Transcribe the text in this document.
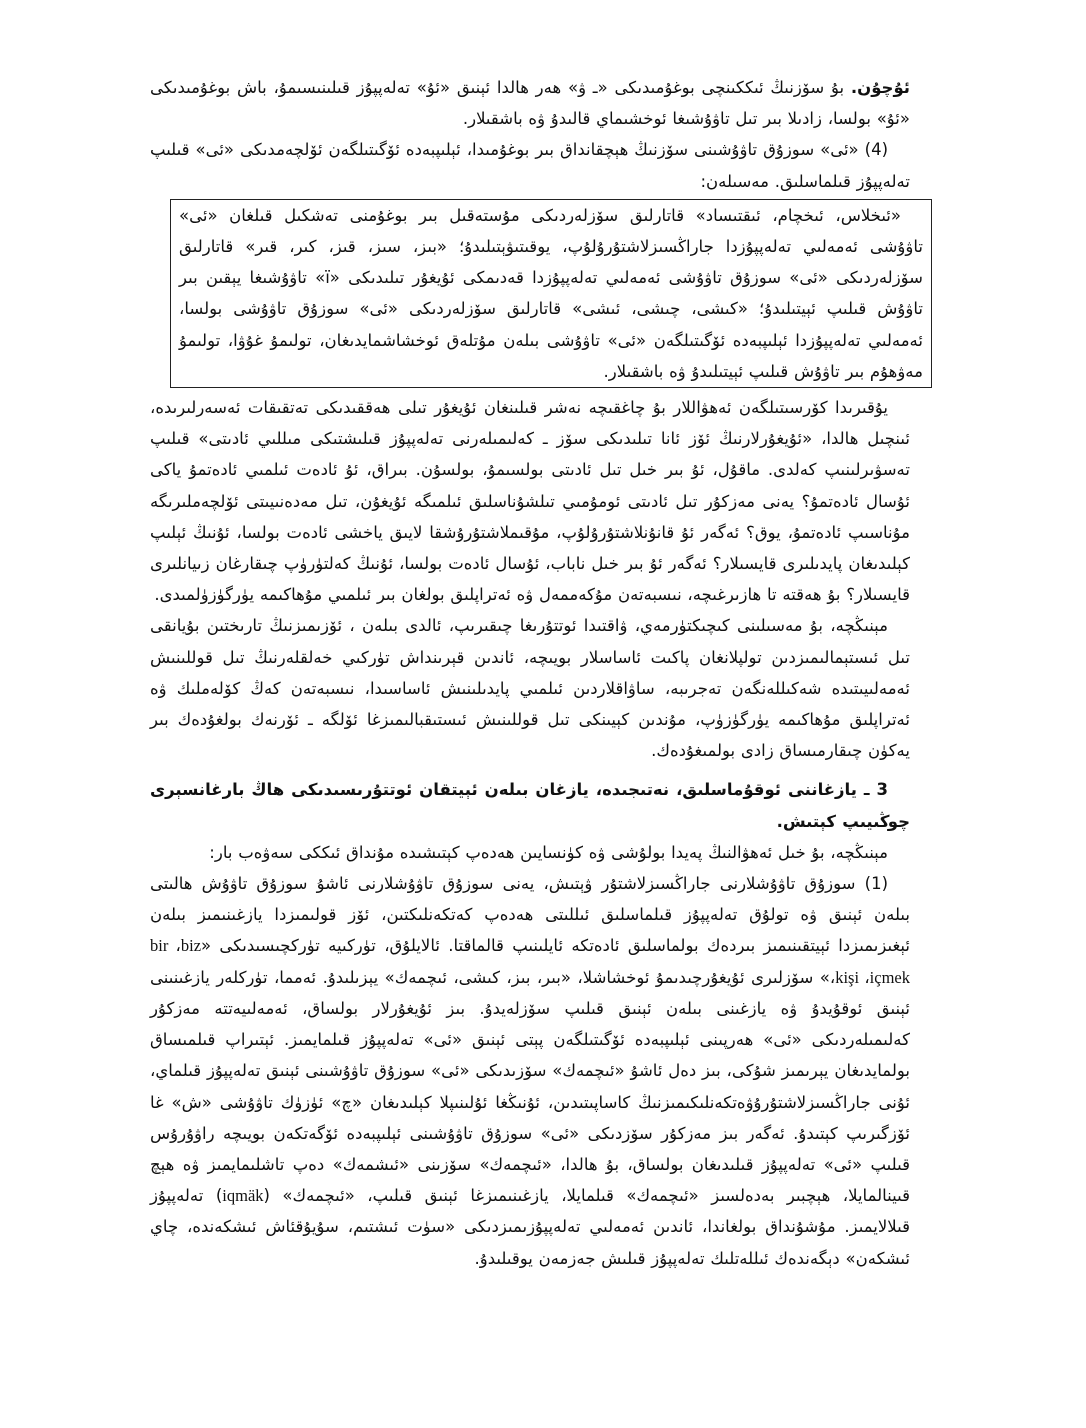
ئۇچۇن. بۇ سۆزنىڭ ئىككىنچى بوغۇمىدىكى «ـ ۋ» ھەر ھالدا ئېنىق «ئۇ» تەلەپپۇز قىلىنىسىمۇ، باش بوغۇمىدىكى «ئۇ» بولسا، زادىلا بىر تىل تاۋۇشىغا ئوخشىماي قالىدۇ ۋە باشقىلار.

(4) «ئى» سوزۇق تاۋۇشىنى سۆزنىڭ ھېچقانداق بىر بوغۇمىدا، ئېلىپبەدە ئۆگىتىلگەن ئۆلچەمدىكى «ئى» قىلىپ تەلەپپۇز قىلماسلىق. مەسىلەن:

«ئىخلاس، ئىخچام، ئىقتىساد» قاتارلىق سۆزلەردىكى مۇستەقىل بىر بوغۇمنى تەشكىل قىلغان «ئى» تاۋۇشى ئەمەلىي تەلەپپۇزدا جاراڭسىزلاشتۇرۇلۇپ، يوقىتىۋېتىلىدۇ؛ «بىز، سىز، قىز، كىر، قىر» قاتارلىق سۆزلەردىكى «ئى» سوزۇق تاۋۇشى ئەمەلىي تەلەپپۇزدا قەدىمكى ئۇيغۇر تىلىدىكى «ï» تاۋۇشىغا يېقىن بىر تاۋۇش قىلىپ ئېيتىلىدۇ؛ «كىشى، چىشى، ئىشى» قاتارلىق سۆزلەردىكى «ئى» سوزۇق تاۋۇشى بولسا، ئەمەلىي تەلەپپۇزدا ئېلىپبەدە ئۆگىتىلگەن «ئى» تاۋۇشى بىلەن مۇتلەق ئوخشاشمايدىغان، تولىمۇ غۇۋا، تولىمۇ مەۋھۇم بىر تاۋۇش قىلىپ ئېيتىلىدۇ ۋە باشقىلار.

يۇقىرىدا كۆرسىتىلگەن ئەھۋاللار بۇ چاغقىچە نەشر قىلىنغان ئۇيغۇر تىلى ھەققىدىكى تەتقىقات ئەسەرلىرىدە، ئىنچىل ھالدا، «ئۇيغۇرلارنىڭ ئۆز ئانا تىلىدىكى سۆز ـ كەلىمىلەرنى تەلەپپۇز قىلىشتىكى مىللىي ئادىتى» قىلىپ تەسۋىرلىنىپ كەلدى. ماقۇل، ئۇ بىر خىل تىل ئادىتى بولسىمۇ، بولسۇن. بىراق، ئۇ ئادەت ئىلمىي ئادەتمۇ ياكى ئۇسال ئادەتمۇ؟ يەنى مەزكۇر تىل ئادىتى ئومۇمىي تىلشۇناسلىق ئىلمىگە ئۇيغۇن، تىل مەدەنىيىتى ئۆلچەملىرىگە مۇناسىپ ئادەتمۇ، يوق؟ ئەگەر ئۇ قانۇنلاشتۇرۇلۇپ، مۇقىملاشتۇرۇشقا لايىق ياخشى ئادەت بولسا، ئۇنىڭ ئېلىپ كېلىدىغان پايدىلىرى قايسىلار؟ ئەگەر ئۇ بىر خىل ناباب، ئۇسال ئادەت بولسا، ئۇنىڭ كەلتۈرۈپ چىقارغان زىيانلىرى قايسىلار؟ بۇ ھەقتە تا ھازىرغىچە، نىسبەتەن مۇكەممەل ۋە ئەتراپلىق بولغان بىر ئىلمىي مۇھاكىمە يۈرگۈزۈلمىدى.

مېنىڭچە، بۇ مەسىلىنى كىچىكتۈرمەي، ۋاقتىدا ئوتتۇرىغا چىقىرىپ، ئالدى بىلەن ، ئۆزىمىزنىڭ تارىختىن بۇيانقى تىل ئىستېمالىمىزدىن تولپلانغان پاكىت ئاساسلار بويىچە، ئاندىن قېرىنداش تۈركىي خەلقلەرنىڭ تىل قوللىنىش ئەمەلىيىتىدە شەكىللەنگەن تەجرىبە، ساۋاقلاردىن ئىلمىي پايدىلىنىش ئاساسىدا، نىسبەتەن كەڭ كۆلەملىك ۋە ئەتراپلىق مۇھاكىمە يۈرگۈزۈپ، مۇندىن كېيىنكى تىل قوللىنىش ئىستىقبالىمىزغا ئۆلگە ـ ئۆرنەك بولغۇدەك بىر يەكۈن چىقارمىساق زادى بولمىغۇدەك.

3 ـ يازغاننى ئوقۇماسلىق، نەتىجىدە، يازغان بىلەن ئېيتقان ئوتتۇرىسىدىكى ھاڭ بارغانسېرى چوڭىيىپ كېتىش.

مېنىڭچە، بۇ خىل ئەھۋالنىڭ پەيدا بولۇشى ۋە كۈنسايىن ھەدەپ كېتىشىدە مۇنداق ئىككى سەۋەب بار:

(1) سوزۇق تاۋۇشلارنى جاراڭسىزلاشتۇر ۋېتىش، يەنى سوزۇق تاۋۇشلارنى ئاشۇ سوزۇق تاۋۇش ھالىتى بىلەن ئېنىق ۋە تولۇق تەلەپپۇز قىلماسلىق ئىللىتى ھەدەپ كەتكەنلىكتىن، ئۆز قولىمىزدا يازغىنىمىز بىلەن ئېغىزىمىزدا ئېيتقىنىمىز بىردەك بولماسلىق ئادەتكە ئايلىنىپ قالماقتا. ئالايلۇق، تۈركىيە تۈركچىسىدىكى «bir ،biz ،kişi ،içmek» سۆزلىرى ئۇيغۇرچىدىمۇ ئوخشاشلا، «بىر، بىز، كىشى، ئىچمەك» يېزىلىدۇ. ئەمما، تۈركلەر يازغىنىنى ئېنىق ئوقۇيدۇ ۋە يازغىنى بىلەن ئېنىق قىلىپ سۆزلەيدۇ. بىز ئۇيغۇرلار بولساق، ئەمەلىيەتتە مەزكۇر كەلىمىلەردىكى «ئى» ھەرپىنى ئېلىپبەدە ئۆگىتىلگەن پېتى ئېنىق «ئى» تەلەپپۇز قىلمايمىز. ئېتىراپ قىلمىساق بولمايدىغان يېرىمىز شۇكى، بىز دەل ئاشۇ «ئىچمەك» سۆزىدىكى «ئى» سوزۇق تاۋۇشىنى ئېنىق تەلەپپۇز قىلماي، ئۇنى جاراڭسىزلاشتۇرۇۋەتكەنلىكىمىزنىڭ كاساپىتىدىن، ئۇنىڭغا ئۇلىنىپلا كېلىدىغان «چ» ئۈزۈك تاۋۇشى «ش» غا ئۆزگىرىپ كېتىدۇ. ئەگەر بىز مەزكۇر سۆزدىكى «ئى» سوزۇق تاۋۇشىنى ئېلىپبەدە ئۆگەتكەن بويىچە راۋۇرۇس قىلىپ «ئى» تەلەپپۇز قىلىدىغان بولساق، بۇ ھالدا، «ئىچمەك» سۆزىنى «ئىشمەك» دەپ تاشلىمايمىز ۋە ھېچ قىينالمايلا، ھېچبىر بەدەلسىز «ئىچمەك» قىلمايلا، يازغىنىمىزغا ئېنىق قىلىپ، «ئىچمەك» (iqmäk) تەلەپپۇز قىلالايمىز. مۇشۇنداق بولغاندا، ئاندىن ئەمەلىي تەلەپپۇزىمىزدىكى «سۈت ئىشتىم، سۇيۇقئاش ئىشكەندە، چاي ئىشكەن» دېگەندەك ئىللەتلىك تەلەپپۇز قىلىش جەزمەن يوقىلىدۇ.
